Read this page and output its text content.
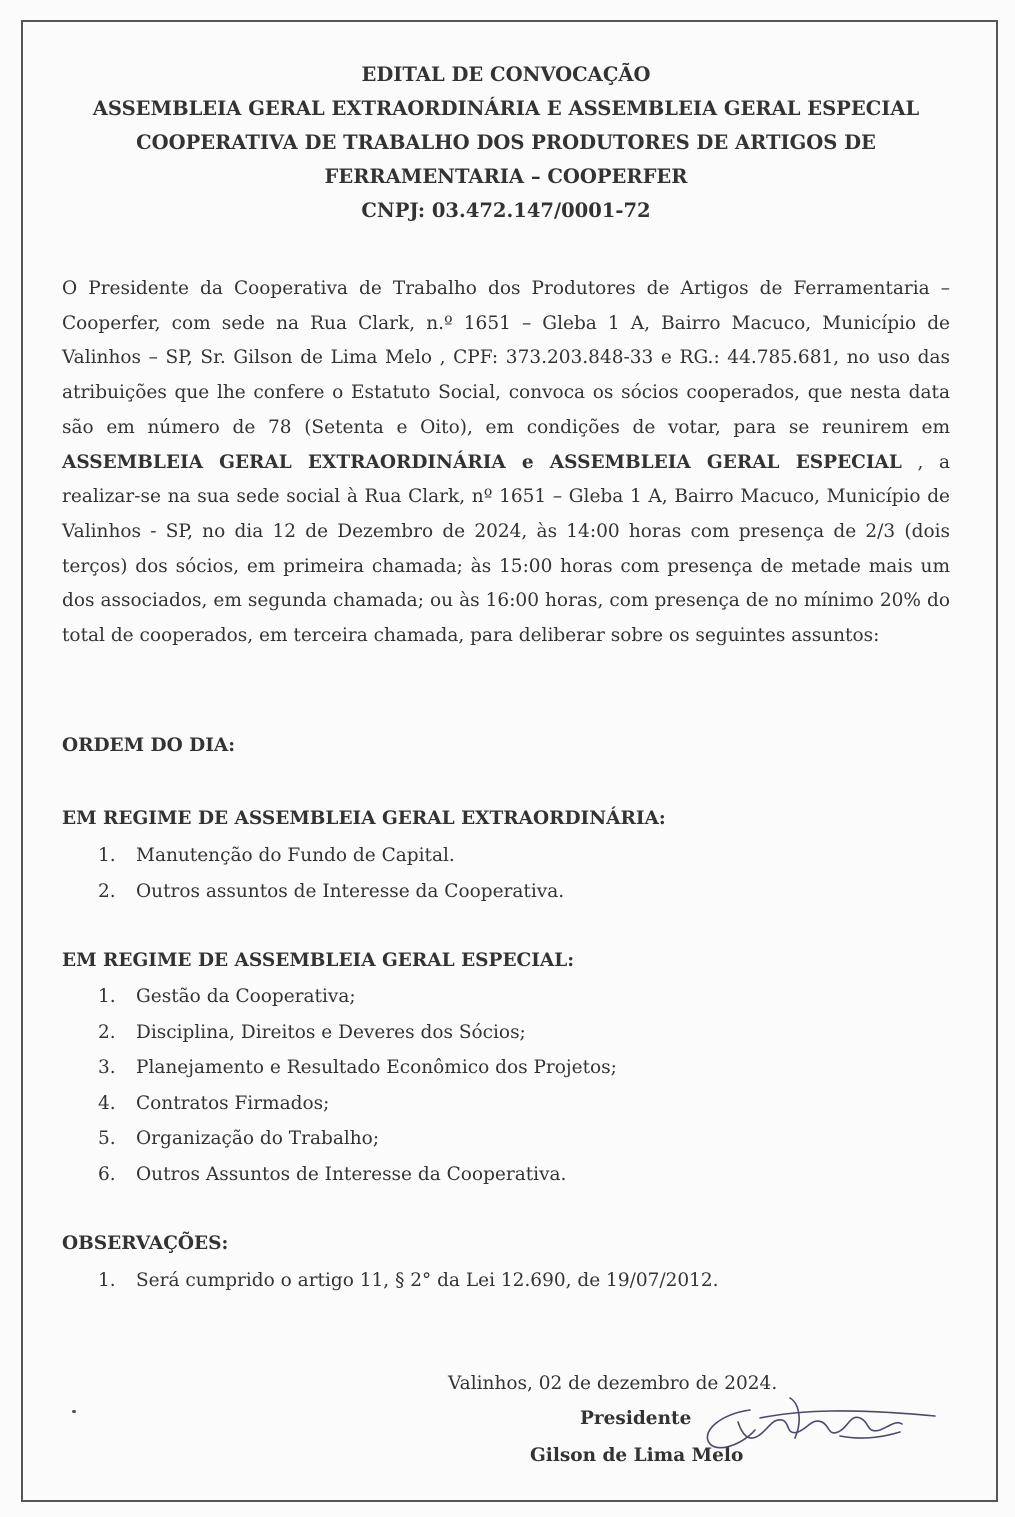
EDITAL DE CONVOCAÇÃO
ASSEMBLEIA GERAL EXTRAORDINÁRIA E ASSEMBLEIA GERAL ESPECIAL
COOPERATIVA DE TRABALHO DOS PRODUTORES DE ARTIGOS DE
FERRAMENTARIA – COOPERFER
CNPJ: 03.472.147/0001-72
O Presidente da Cooperativa de Trabalho dos Produtores de Artigos de Ferramentaria – Cooperfer, com sede na Rua Clark, n.º 1651 – Gleba 1 A, Bairro Macuco, Município de Valinhos – SP, Sr. Gilson de Lima Melo , CPF: 373.203.848-33 e RG.: 44.785.681, no uso das atribuições que lhe confere o Estatuto Social, convoca os sócios cooperados, que nesta data são em número de 78 (Setenta e Oito), em condições de votar, para se reunirem em ASSEMBLEIA GERAL EXTRAORDINÁRIA e ASSEMBLEIA GERAL ESPECIAL , a realizar-se na sua sede social à Rua Clark, nº 1651 – Gleba 1 A, Bairro Macuco, Município de Valinhos - SP, no dia 12 de Dezembro de 2024, às 14:00 horas com presença de 2/3 (dois terços) dos sócios, em primeira chamada; às 15:00 horas com presença de metade mais um dos associados, em segunda chamada; ou às 16:00 horas, com presença de no mínimo 20% do total de cooperados, em terceira chamada, para deliberar sobre os seguintes assuntos:
ORDEM DO DIA:
EM REGIME DE ASSEMBLEIA GERAL EXTRAORDINÁRIA:
1. Manutenção do Fundo de Capital.
2. Outros assuntos de Interesse da Cooperativa.
EM REGIME DE ASSEMBLEIA GERAL ESPECIAL:
1. Gestão da Cooperativa;
2. Disciplina, Direitos e Deveres dos Sócios;
3. Planejamento e Resultado Econômico dos Projetos;
4. Contratos Firmados;
5. Organização do Trabalho;
6. Outros Assuntos de Interesse da Cooperativa.
OBSERVAÇÕES:
1. Será cumprido o artigo 11, § 2° da Lei 12.690, de 19/07/2012.
Valinhos, 02 de dezembro de 2024.
Presidente
Gilson de Lima Melo
